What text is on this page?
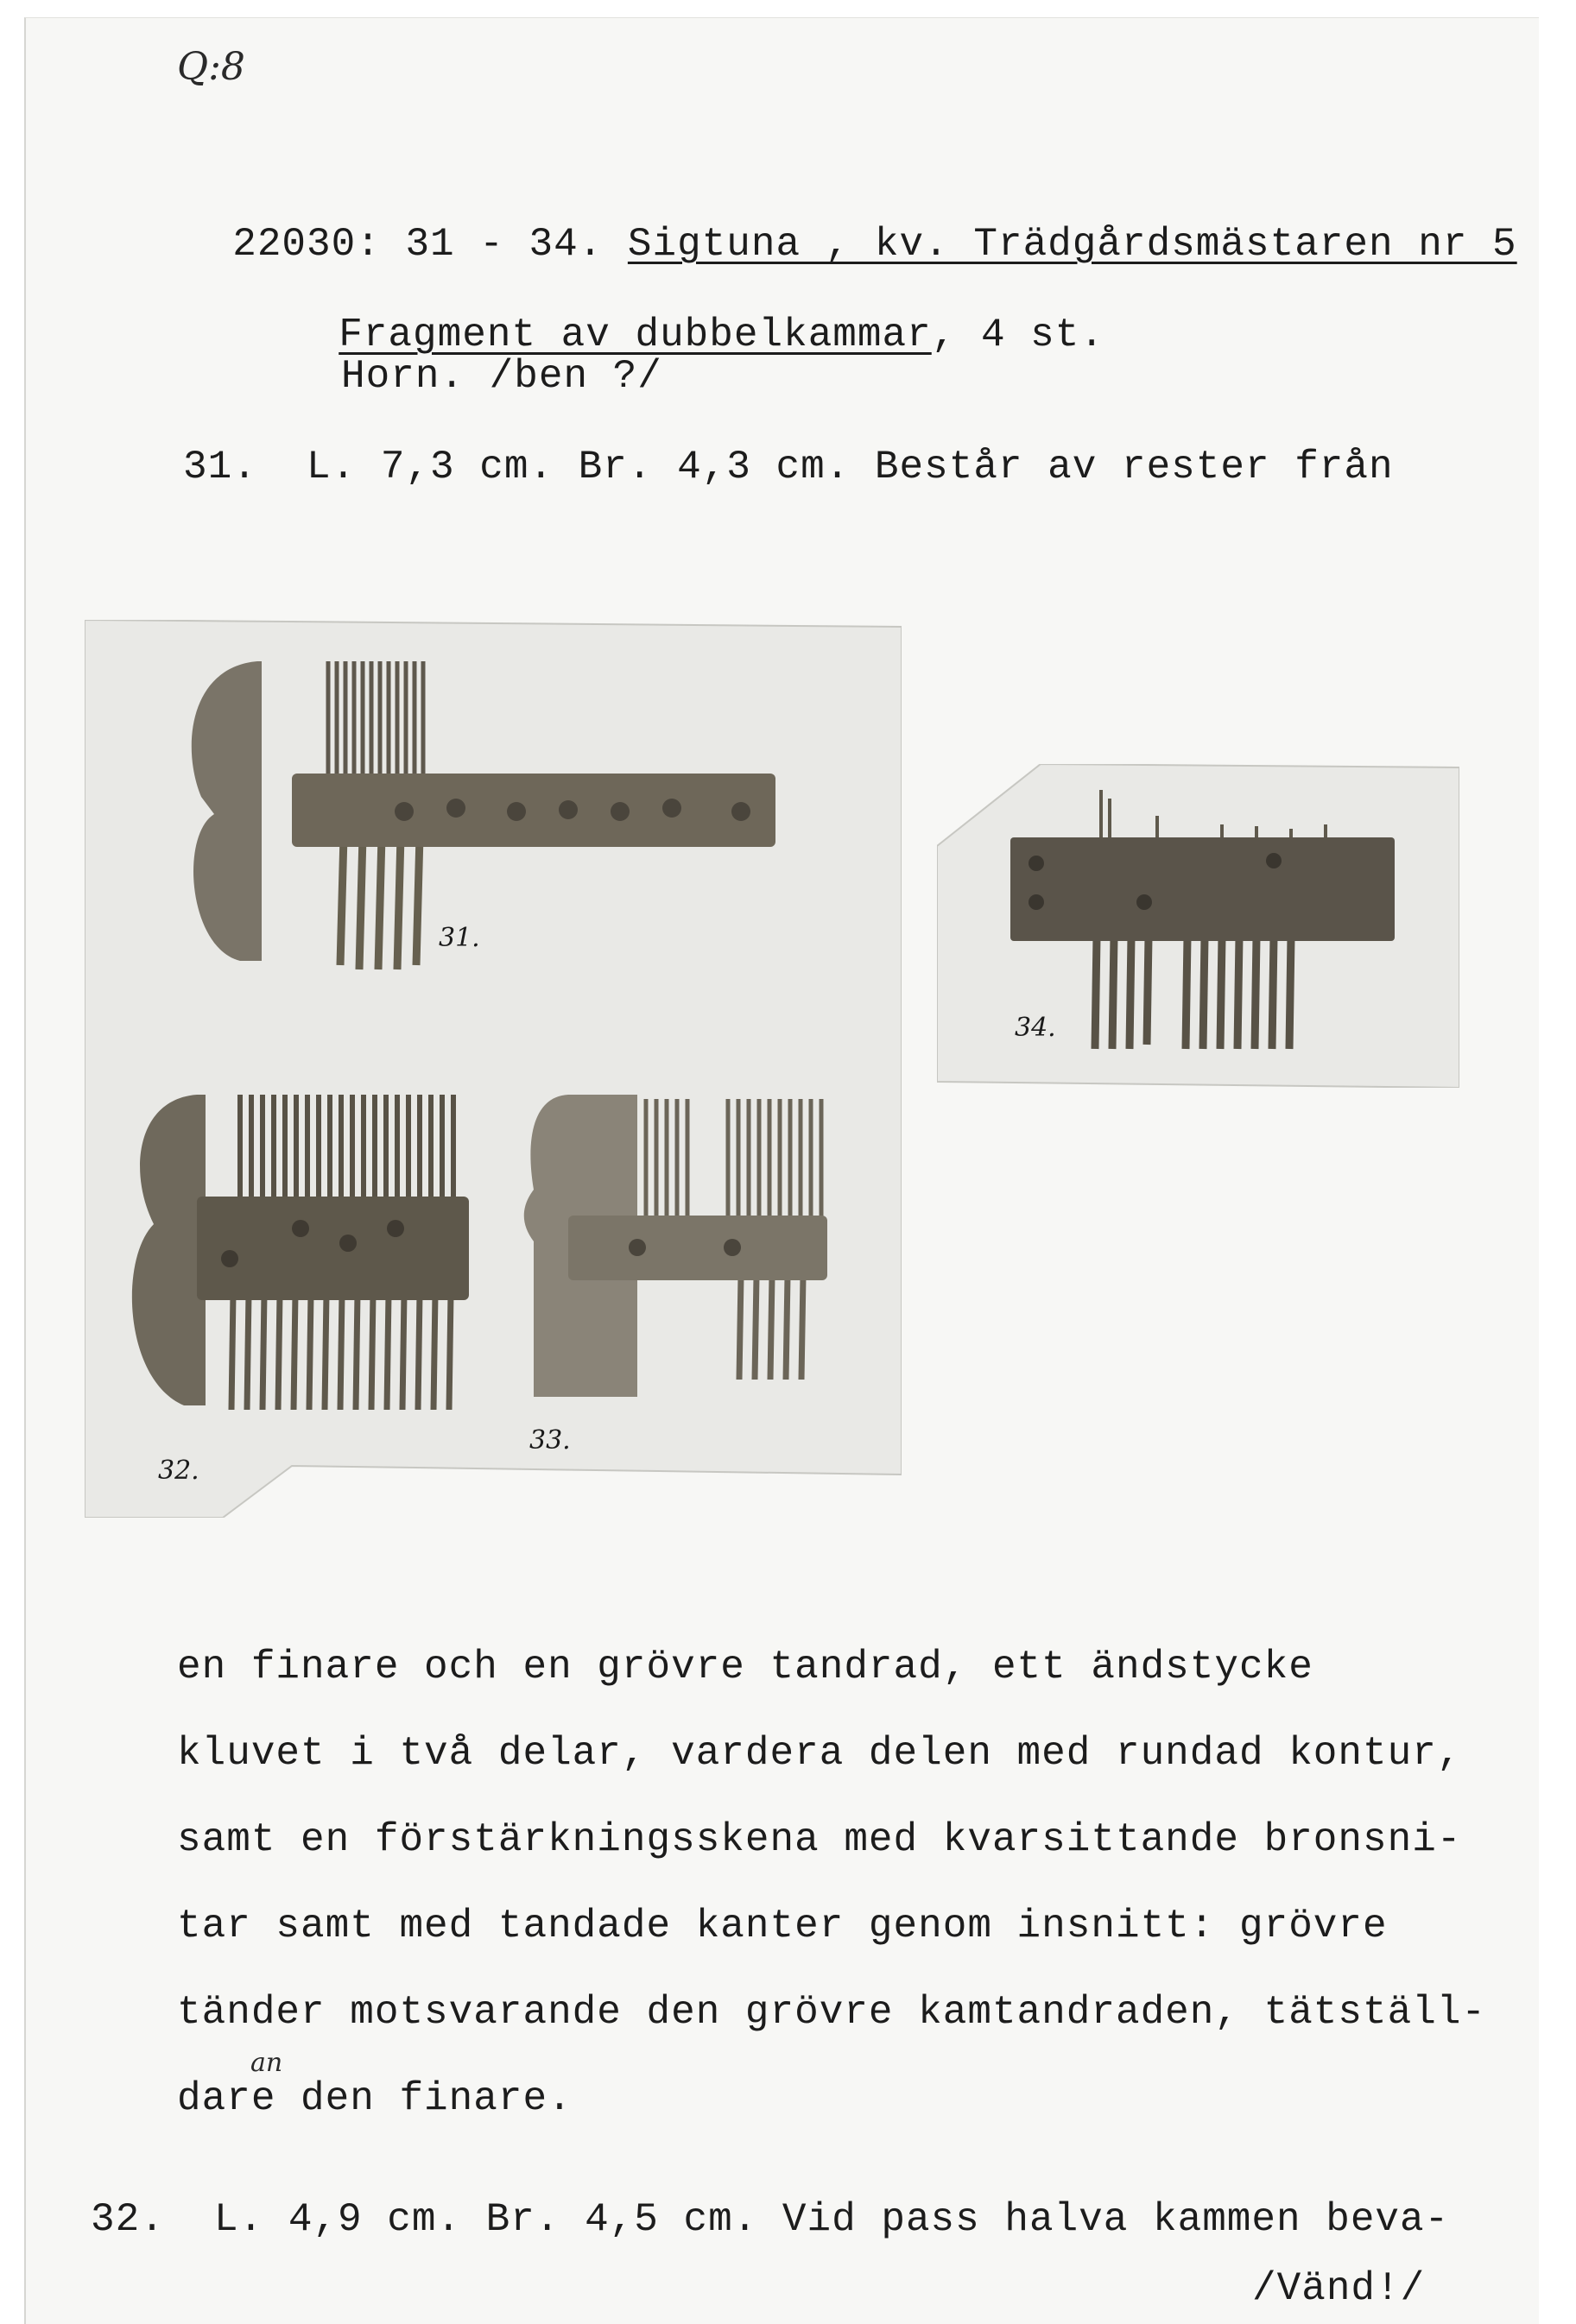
Q:8

22030: 31 - 34. Sigtuna , kv. Trädgårdsmästaren nr 5

Fragment av dubbelkammar, 4 st.

Horn. /ben ?/
31.  L. 7,3 cm. Br. 4,3 cm. Består av rester från
31.
32.
33.
34.
en finare och en grövre tandrad, ett ändstycke
kluvet i två delar, vardera delen med rundad kontur,
samt en förstärkningsskena med kvarsittande bronsni-
tar samt med tandade kanter genom insnitt: grövre
tänder motsvarande den grövre kamtandraden, tätställ-
an
dare den finare.
32.  L. 4,9 cm. Br. 4,5 cm. Vid pass halva kammen beva-
/Vänd!/
